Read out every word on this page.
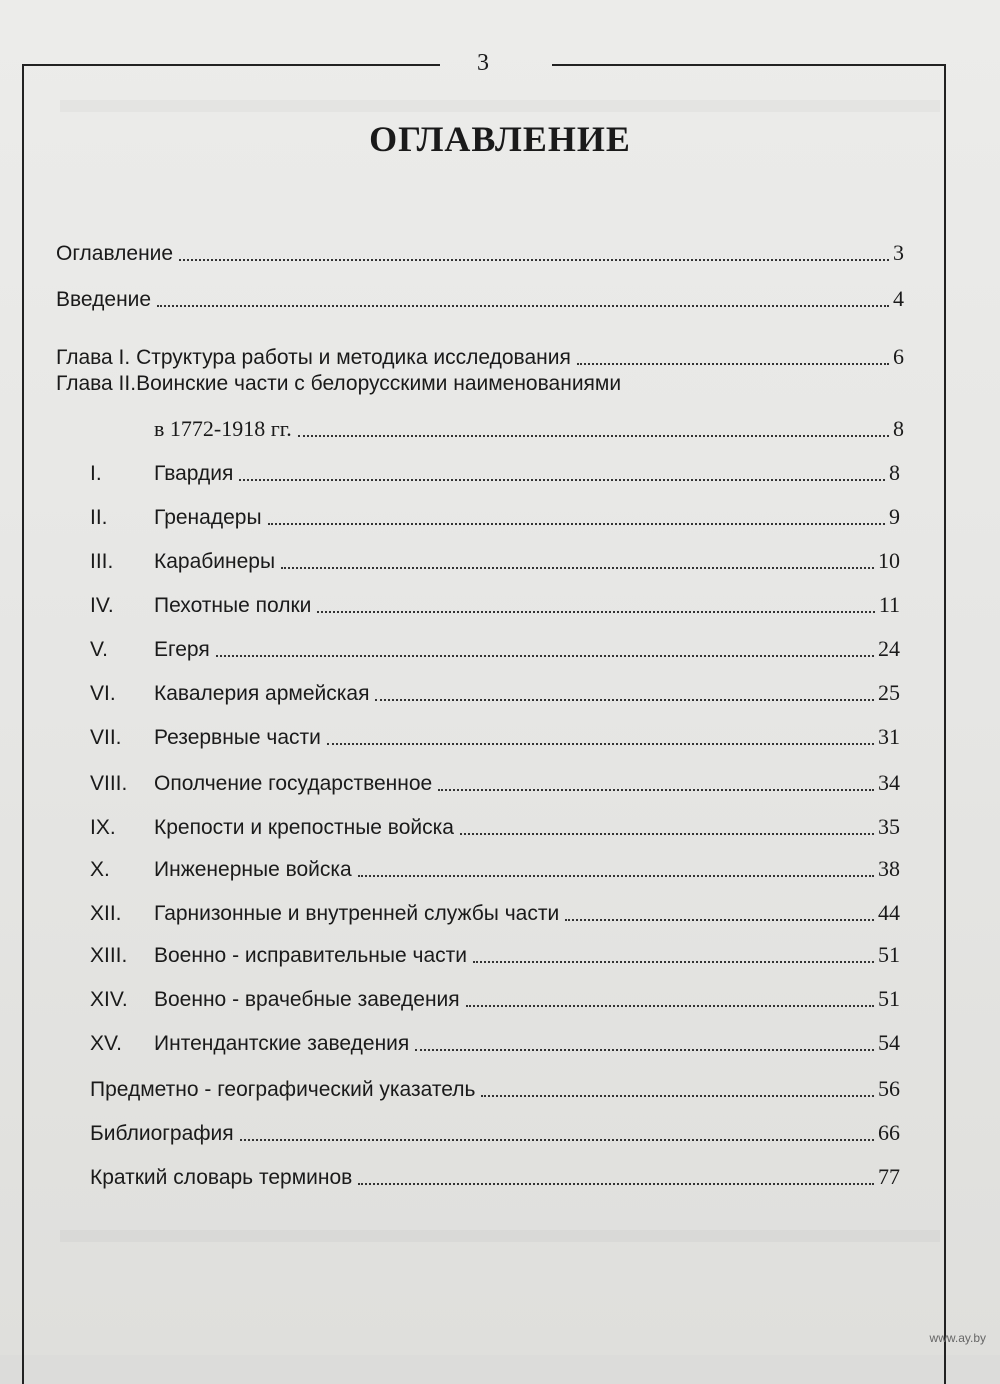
3
ОГЛАВЛЕНИЕ
Оглавление	3
Введение	4
Глава I. Структура работы и методика исследования	6
Глава II.Воинские части с белорусскими наименованиями
в 1772-1918 гг.	8
I.	Гвардия	8
II.	Гренадеры	9
III.	Карабинеры	10
IV.	Пехотные полки	11
V.	Егеря	24
VI.	Кавалерия армейская	25
VII.	Резервные части	31
VIII.	Ополчение государственное	34
IX.	Крепости и крепостные войска	35
X.	Инженерные войска	38
XII.	Гарнизонные и внутренней службы части	44
XIII.	Военно - исправительные части	51
XIV.	Военно - врачебные заведения	51
XV.	Интендантские заведения	54
Предметно - географический указатель	56
Библиография	66
Краткий словарь терминов	77
www.ay.by
